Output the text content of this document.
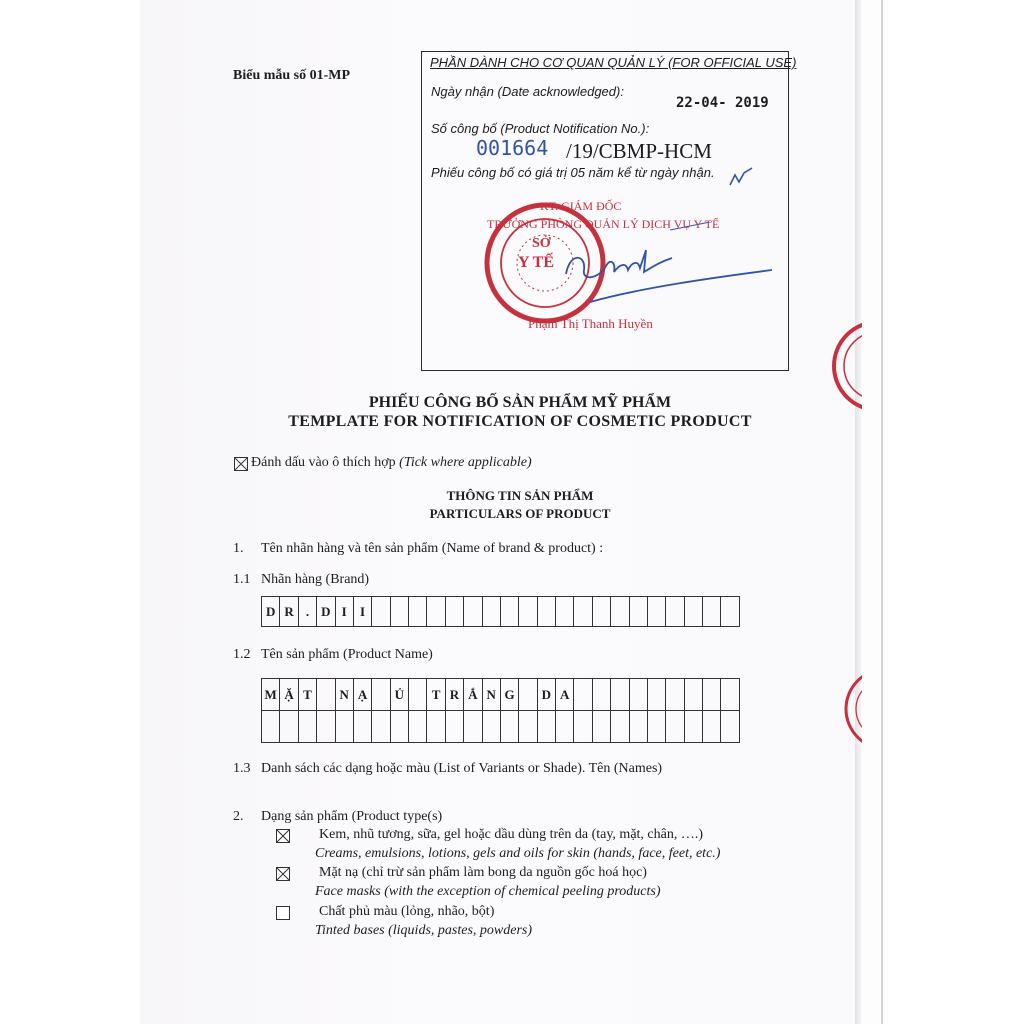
Biểu mẫu số 01-MP
PHẦN DÀNH CHO CƠ QUAN QUẢN LÝ (FOR OFFICIAL USE)
Ngày nhận (Date acknowledged):
22-04- 2019
Số công bố (Product Notification No.):
001664 /19/CBMP-HCM
Phiếu công bố có giá trị 05 năm kể từ ngày nhận.
SỞ
Y TẾ
KT. GIÁM ĐỐC
TRƯỞNG PHÒNG QUẢN LÝ DỊCH VỤ Y TẾ
Phạm Thị Thanh Huyền
PHIẾU CÔNG BỐ SẢN PHẨM MỸ PHẨM
TEMPLATE FOR NOTIFICATION OF COSMETIC PRODUCT
Đánh dấu vào ô thích hợp (Tick where applicable)
THÔNG TIN SẢN PHẨM
PARTICULARS OF PRODUCT
1. Tên nhãn hàng và tên sản phẩm (Name of brand & product) :
1.1 Nhãn hàng (Brand)
D R . D I	I
1.2 Tên sản phẩm (Product Name)
M Ặ T	N Ạ	Ủ	T R Ắ N G	D A
1.3 Danh sách các dạng hoặc màu (List of Variants or Shade). Tên (Names)
2. Dạng sản phẩm (Product type(s)
Kem, nhũ tương, sữa, gel hoặc dầu dùng trên da (tay, mặt, chân, ….)
Creams, emulsions, lotions, gels and oils for skin (hands, face, feet, etc.)
Mặt nạ (chỉ trừ sản phẩm làm bong da nguồn gốc hoá học)
Face masks (with the exception of chemical peeling products)
Chất phủ màu (lỏng, nhão, bột)
Tinted bases (liquids, pastes, powders)
